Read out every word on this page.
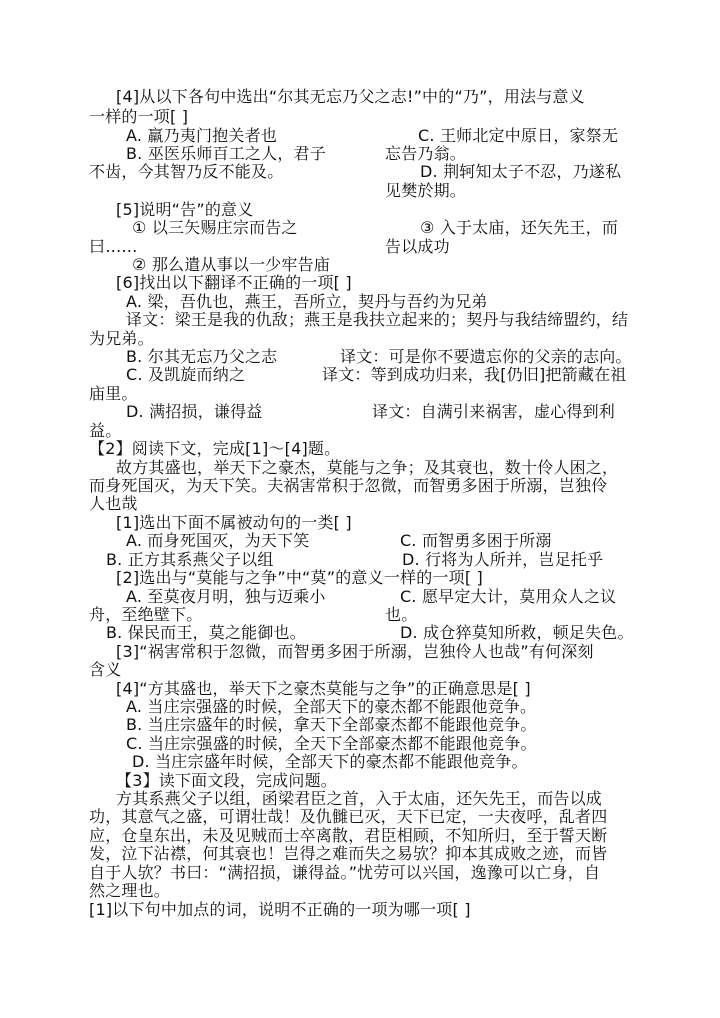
[4]从以下各句中选出“尔其无忘乃父之志!”中的“乃”，用法与意义
一样的一项[ ]
A. 羸乃夷门抱关者也	C. 王师北定中原日，家祭无
B. 巫医乐师百工之人，君子	忘告乃翁。
不齿，今其智乃反不能及。	D. 荆轲知太子不忍，乃遂私
见樊於期。
[5]说明“告”的意义
① 以三矢赐庄宗而告之	③ 入于太庙，还矢先王，而
曰……	告以成功
② 那么遣从事以一少牢告庙
[6]找出以下翻译不正确的一项[ ]
A. 梁，吾仇也，燕王，吾所立，契丹与吾约为兄弟
译文：梁王是我的仇敌；燕王是我扶立起来的；契丹与我结缔盟约，结
为兄弟。
B. 尔其无忘乃父之志	译文：可是你不要遗忘你的父亲的志向。
C. 及凯旋而纳之	译文：等到成功归来，我[仍旧]把箭藏在祖
庙里。
D. 满招损，谦得益	译文：自满引来祸害，虚心得到利
益。
【2】阅读下文，完成[1]～[4]题。
故方其盛也，举天下之豪杰，莫能与之争；及其衰也，数十伶人困之，
而身死国灭，为天下笑。夫祸害常积于忽微，而智勇多困于所溺，岂独伶
人也哉
[1]选出下面不属被动句的一类[ ]
A. 而身死国灭，为天下笑	C. 而智勇多困于所溺
B. 正方其系燕父子以组	D. 行将为人所并，岂足托乎
[2]选出与“莫能与之争”中“莫”的意义一样的一项[ ]
A. 至莫夜月明，独与迈乘小	C. 愿早定大计，莫用众人之议
舟，至绝壁下。	也。
B. 保民而王，莫之能御也。	D. 成仓猝莫知所救，顿足失色。
[3]“祸害常积于忽微，而智勇多困于所溺，岂独伶人也哉”有何深刻
含义
[4]“方其盛也，举天下之豪杰莫能与之争”的正确意思是[ ]
A. 当庄宗强盛的时候，全部天下的豪杰都不能跟他竞争。
B. 当庄宗盛年的时候，拿天下全部豪杰都不能跟他竞争。
C. 当庄宗强盛的时候，全天下全部豪杰都不能跟他竞争。
D. 当庄宗盛年时候，全部天下的豪杰都不能跟他竞争。
【3】读下面文段，完成问题。
方其系燕父子以组，函梁君臣之首，入于太庙，还矢先王，而告以成
功，其意气之盛，可谓壮哉！及仇雠已灭，天下已定，一夫夜呼，乱者四
应，仓皇东出，未及见贼而士卒离散，君臣相顾，不知所归，至于誓天断
发，泣下沾襟，何其衰也！岂得之难而失之易欤？抑本其成败之迹，而皆
自于人欤？书曰：“满招损，谦得益。”忧劳可以兴国，逸豫可以亡身，自
然之理也。
[1]以下句中加点的词，说明不正确的一项为哪一项[ ]
